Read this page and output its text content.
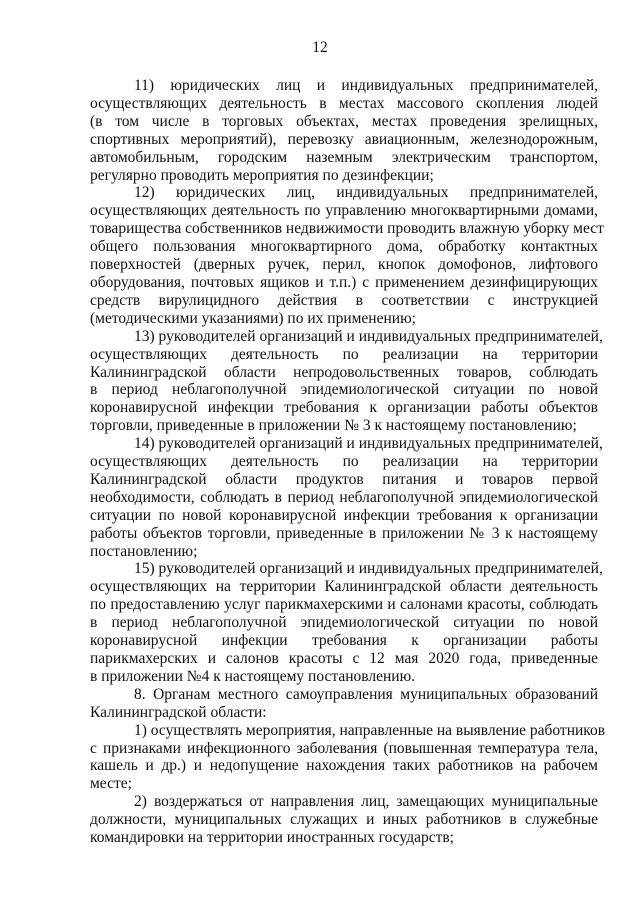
12
11) юридических лиц и индивидуальных предпринимателей,
осуществляющих деятельность в местах массового скопления людей
(в том числе в торговых объектах, местах проведения зрелищных,
спортивных мероприятий), перевозку авиационным, железнодорожным,
автомобильным, городским наземным электрическим транспортом,
регулярно проводить мероприятия по дезинфекции;
12) юридических лиц, индивидуальных предпринимателей,
осуществляющих деятельность по управлению многоквартирными домами,
товарищества собственников недвижимости проводить влажную уборку мест
общего пользования многоквартирного дома, обработку контактных
поверхностей (дверных ручек, перил, кнопок домофонов, лифтового
оборудования, почтовых ящиков и т.п.) с применением дезинфицирующих
средств вирулицидного действия в соответствии с инструкцией
(методическими указаниями) по их применению;
13) руководителей организаций и индивидуальных предпринимателей,
осуществляющих деятельность по реализации на территории
Калининградской области непродовольственных товаров, соблюдать
в период неблагополучной эпидемиологической ситуации по новой
коронавирусной инфекции требования к организации работы объектов
торговли, приведенные в приложении № 3 к настоящему постановлению;
14) руководителей организаций и индивидуальных предпринимателей,
осуществляющих деятельность по реализации на территории
Калининградской области продуктов питания и товаров первой
необходимости, соблюдать в период неблагополучной эпидемиологической
ситуации по новой коронавирусной инфекции требования к организации
работы объектов торговли, приведенные в приложении № 3 к настоящему
постановлению;
15) руководителей организаций и индивидуальных предпринимателей,
осуществляющих на территории Калининградской области деятельность
по предоставлению услуг парикмахерскими и салонами красоты, соблюдать
в период неблагополучной эпидемиологической ситуации по новой
коронавирусной инфекции требования к организации работы
парикмахерских и салонов красоты с 12 мая 2020 года, приведенные
в приложении №4 к настоящему постановлению.
8. Органам местного самоуправления муниципальных образований
Калининградской области:
1) осуществлять мероприятия, направленные на выявление работников
с признаками инфекционного заболевания (повышенная температура тела,
кашель и др.) и недопущение нахождения таких работников на рабочем
месте;
2) воздержаться от направления лиц, замещающих муниципальные
должности, муниципальных служащих и иных работников в служебные
командировки на территории иностранных государств;
